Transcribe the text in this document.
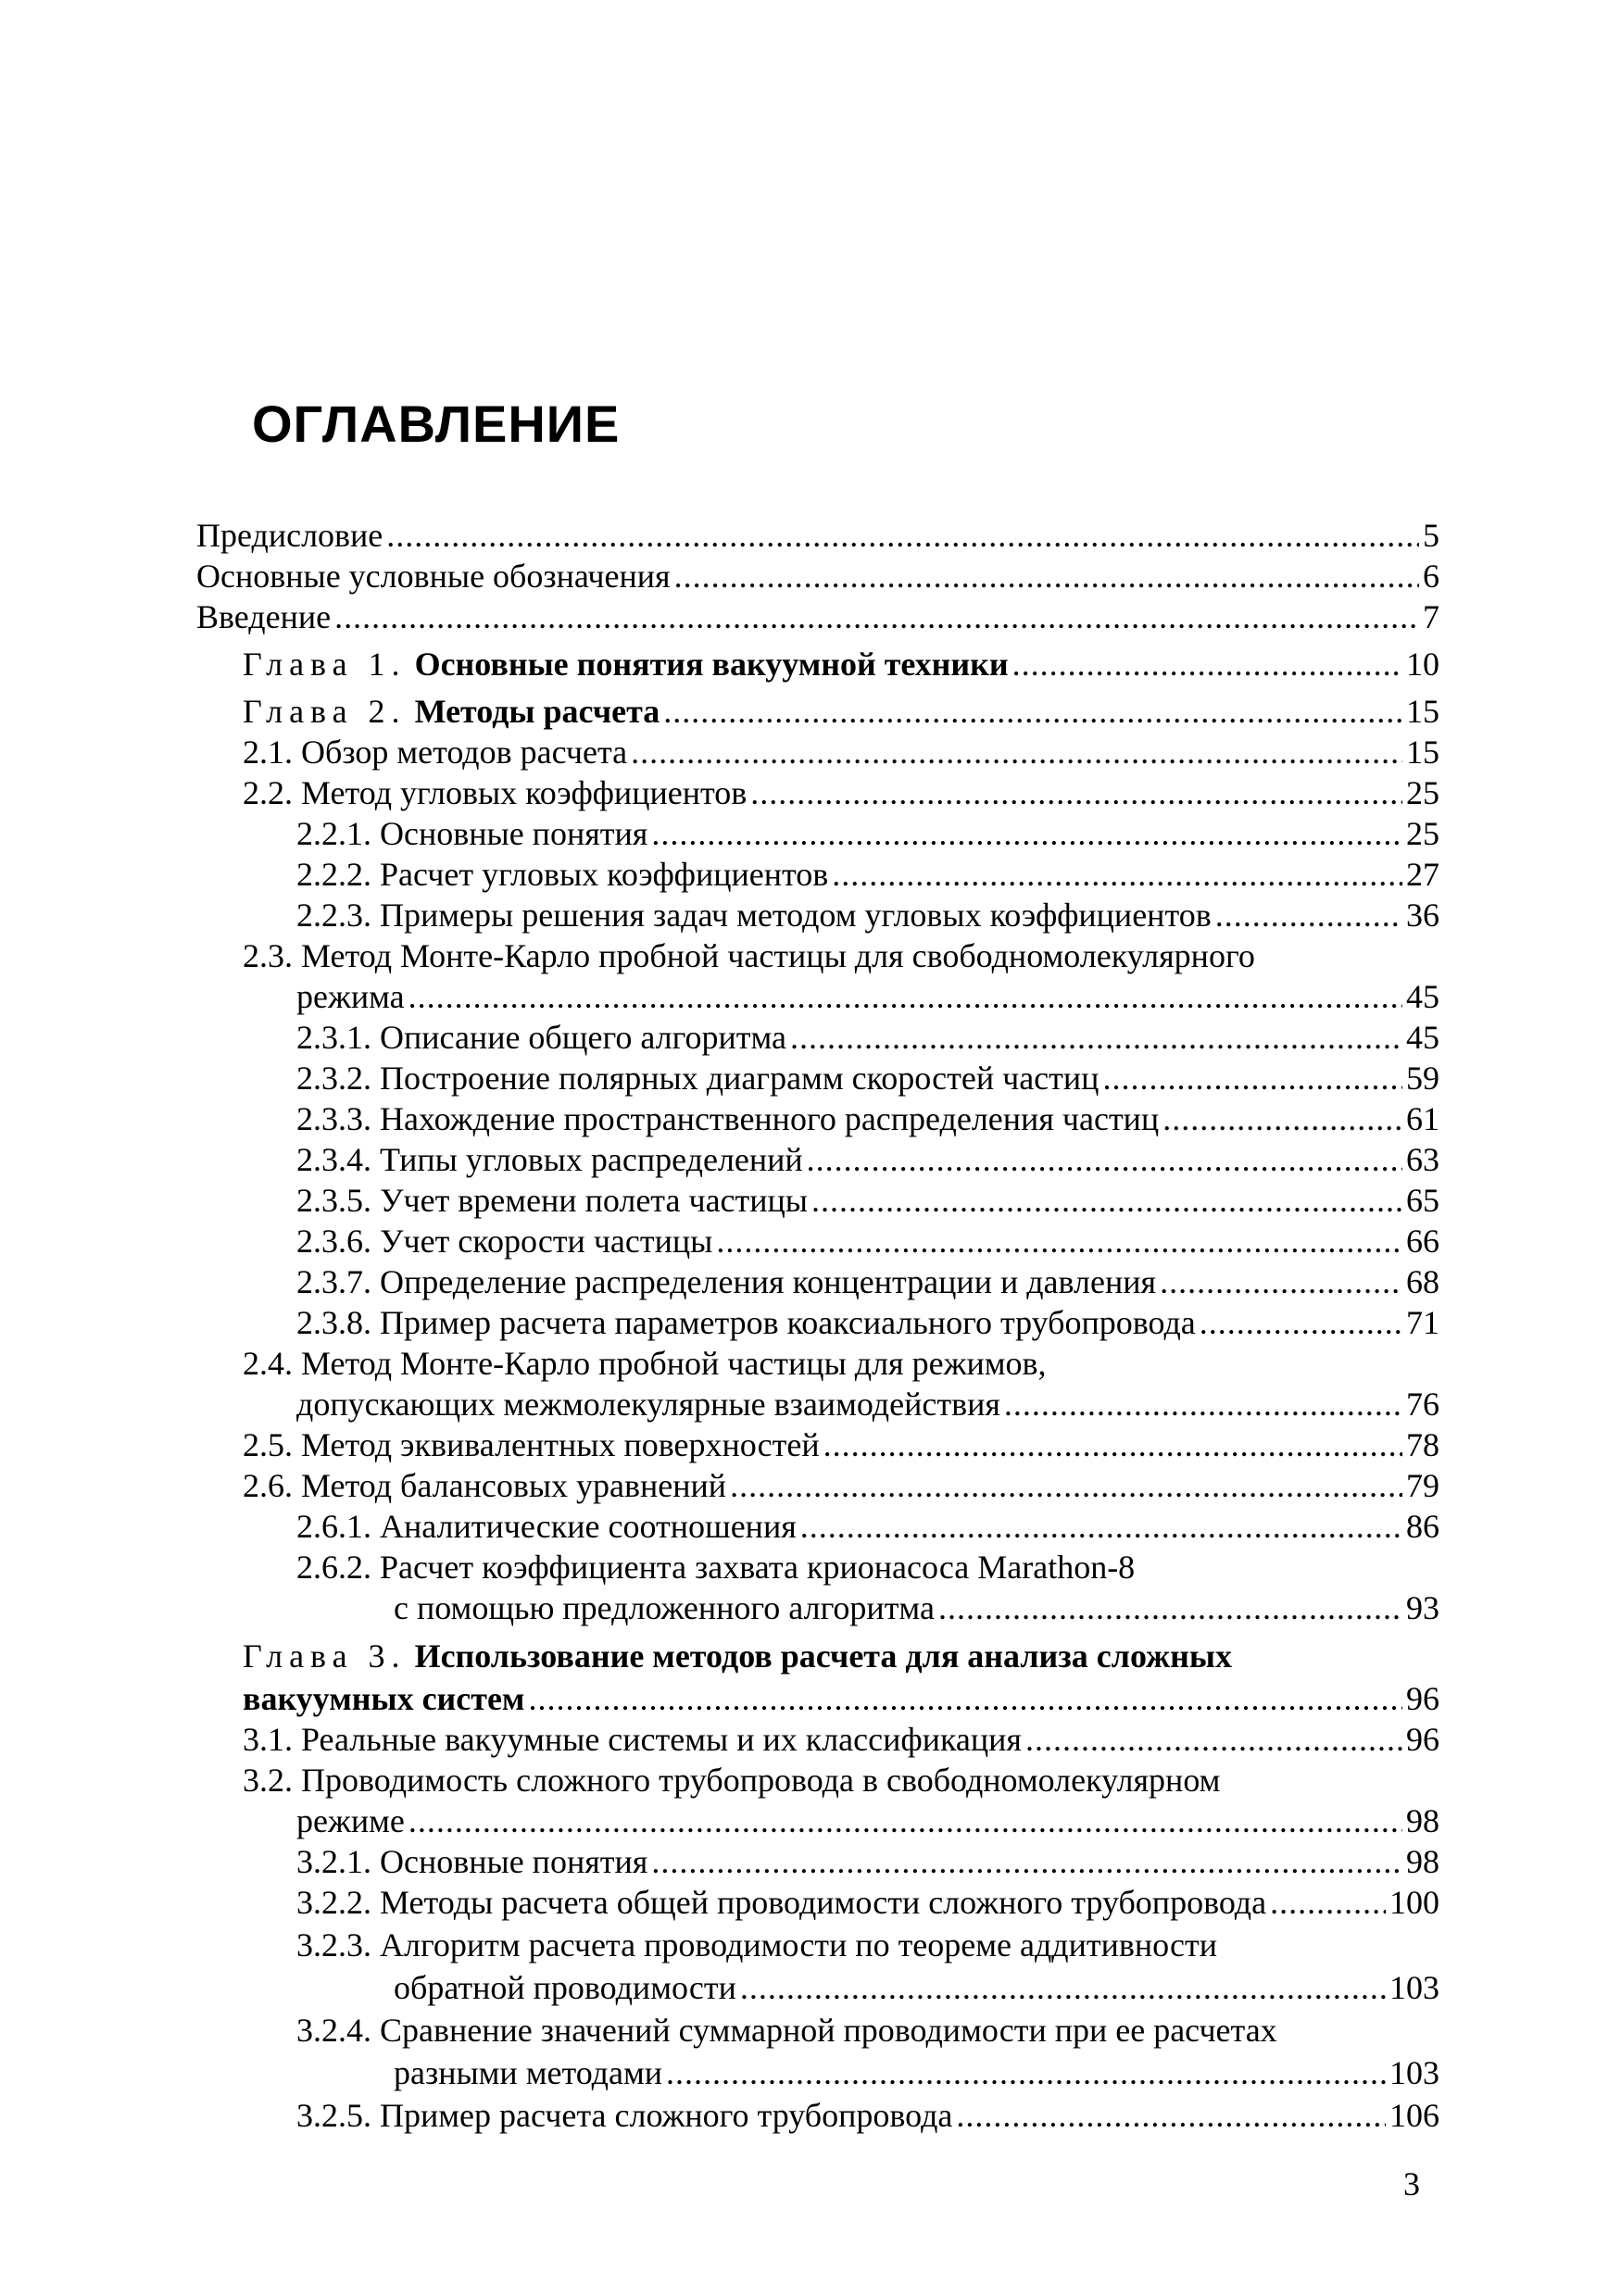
ОГЛАВЛЕНИЕ
Предисловие . . .	5
Основные условные обозначения . . .	6
Введение . . .	7
Глава 1. Основные понятия вакуумной техники . . .	10
Глава 2. Методы расчета . . .	15
2.1. Обзор методов расчета . . .	15
2.2. Метод угловых коэффициентов . . .	25
2.2.1. Основные понятия . . .	25
2.2.2. Расчет угловых коэффициентов . . .	27
2.2.3. Примеры решения задач методом угловых коэффициентов . . .	36
2.3. Метод Монте-Карло пробной частицы для свободномолекулярного
режима . . .	45
2.3.1. Описание общего алгоритма . . .	45
2.3.2. Построение полярных диаграмм скоростей частиц . . .	59
2.3.3. Нахождение пространственного распределения частиц . . .	61
2.3.4. Типы угловых распределений . . .	63
2.3.5. Учет времени полета частицы . . .	65
2.3.6. Учет скорости частицы . . .	66
2.3.7. Определение распределения концентрации и давления . . .	68
2.3.8. Пример расчета параметров коаксиального трубопровода . . .	71
2.4. Метод Монте-Карло пробной частицы для режимов,
допускающих межмолекулярные взаимодействия . . .	76
2.5. Метод эквивалентных поверхностей . . .	78
2.6. Метод балансовых уравнений . . .	79
2.6.1. Аналитические соотношения . . .	86
2.6.2. Расчет коэффициента захвата крионасоса Marathon-8
с помощью предложенного алгоритма . . .	93
Глава 3. Использование методов расчета для анализа сложных
вакуумных систем . . .	96
3.1. Реальные вакуумные системы и их классификация . . .	96
3.2. Проводимость сложного трубопровода в свободномолекулярном
режиме . . .	98
3.2.1. Основные понятия . . .	98
3.2.2. Методы расчета общей проводимости сложного трубопровода . . .	100
3.2.3. Алгоритм расчета проводимости по теореме аддитивности
обратной проводимости . . .	103
3.2.4. Сравнение значений суммарной проводимости при ее расчетах
разными методами . . .	103
3.2.5. Пример расчета сложного трубопровода . . .	106

3
